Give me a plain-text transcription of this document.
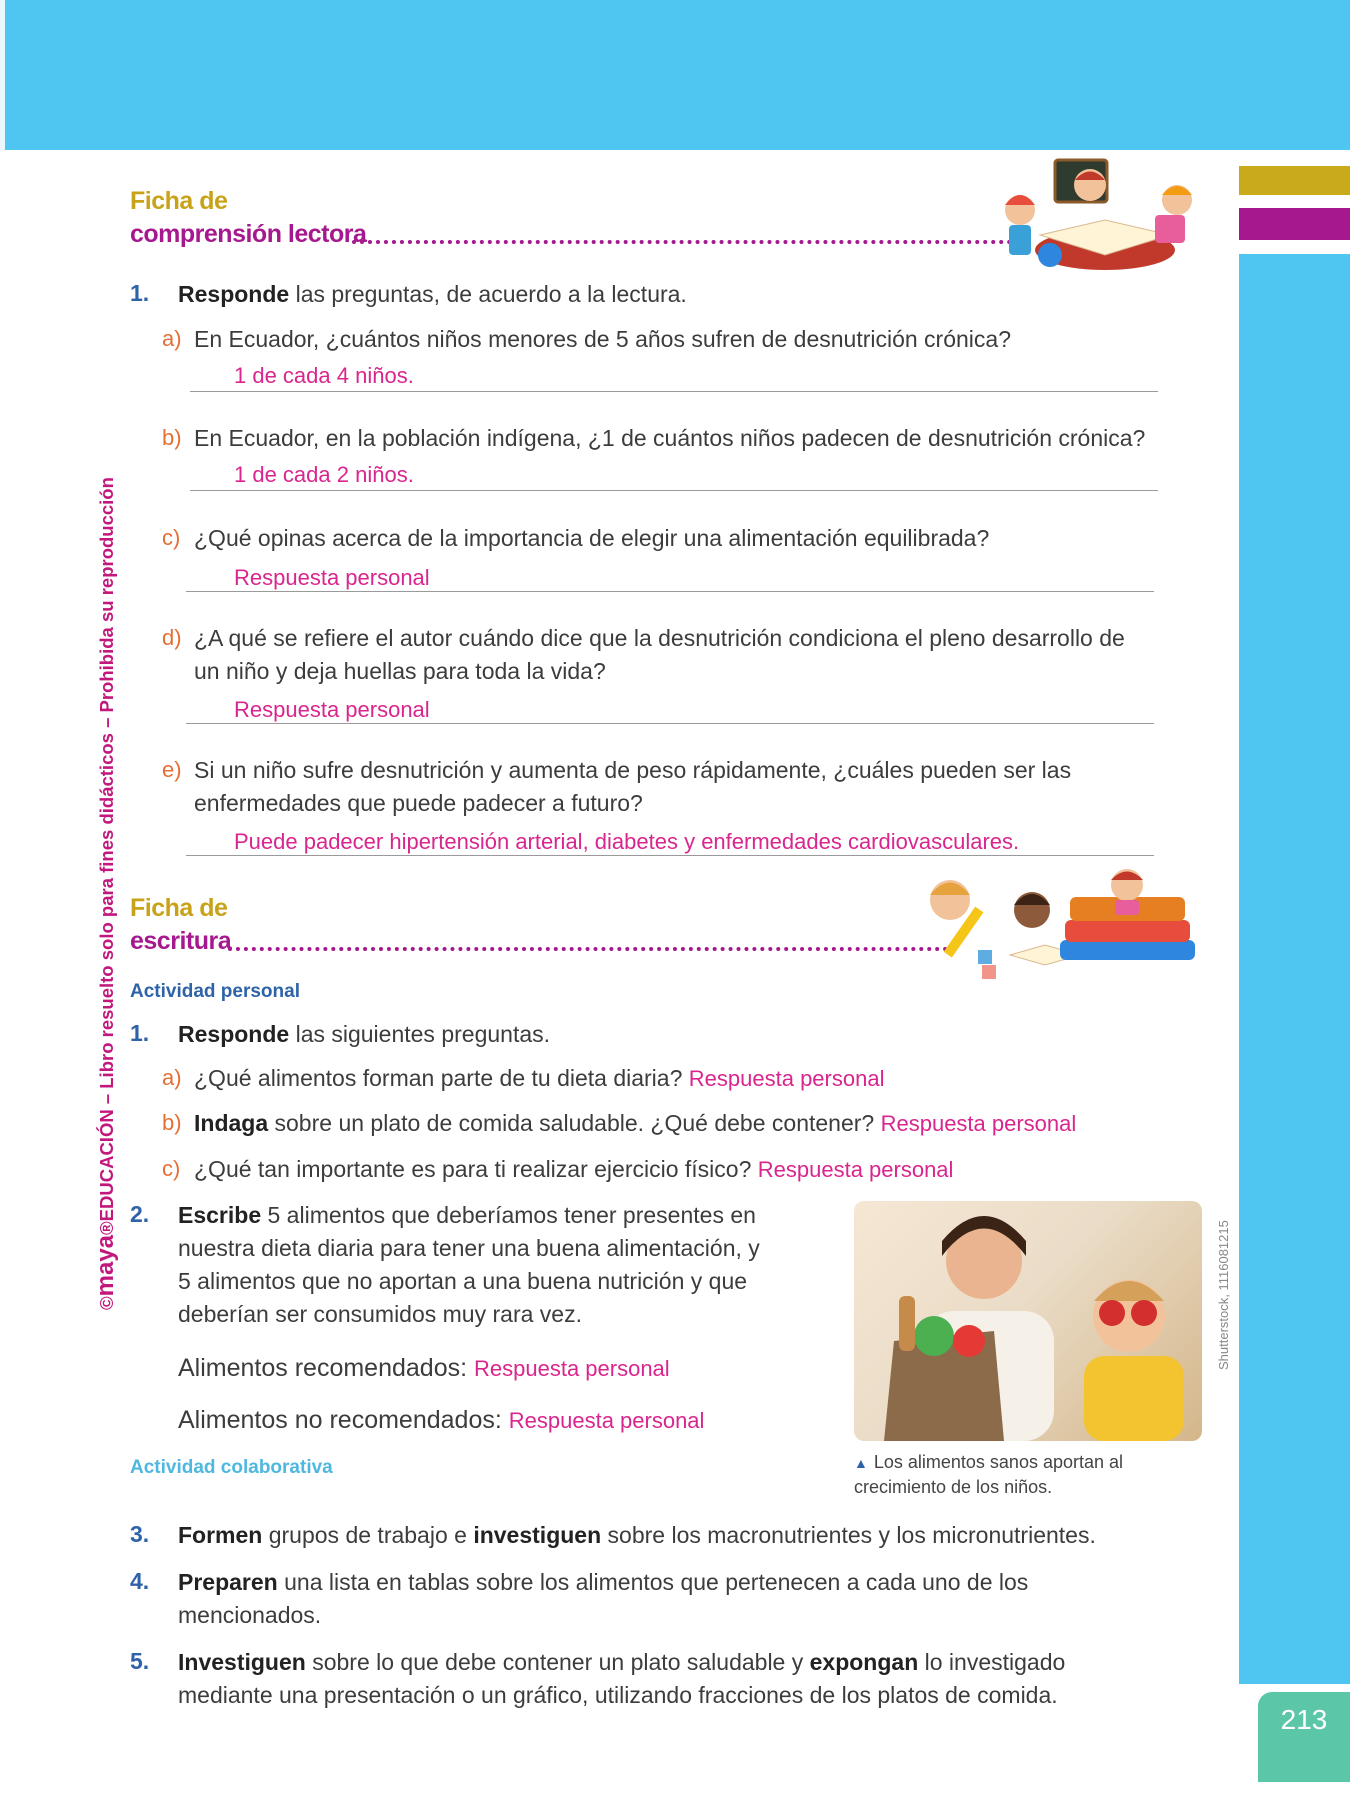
213
©maya®EDUCACIÓN – Libro resuelto solo para fines didácticos – Prohibida su reproducción
Ficha de
comprensión lectora
1. Responde las preguntas, de acuerdo a la lectura.
a) En Ecuador, ¿cuántos niños menores de 5 años sufren de desnutrición crónica?
1 de cada 4 niños.
b) En Ecuador, en la población indígena, ¿1 de cuántos niños padecen de desnutrición crónica?
1 de cada 2 niños.
c) ¿Qué opinas acerca de la importancia de elegir una alimentación equilibrada?
Respuesta personal
d) ¿A qué se refiere el autor cuándo dice que la desnutrición condiciona el pleno desarrollo de
un niño y deja huellas para toda la vida?
Respuesta personal
e) Si un niño sufre desnutrición y aumenta de peso rápidamente, ¿cuáles pueden ser las
enfermedades que puede padecer a futuro?
Puede padecer hipertensión arterial, diabetes y enfermedades cardiovasculares.
Ficha de
escritura
Actividad personal
1. Responde las siguientes preguntas.
a) ¿Qué alimentos forman parte de tu dieta diaria? Respuesta personal
b) Indaga sobre un plato de comida saludable. ¿Qué debe contener? Respuesta personal
c) ¿Qué tan importante es para ti realizar ejercicio físico? Respuesta personal
2. Escribe 5 alimentos que deberíamos tener presentes en
nuestra dieta diaria para tener una buena alimentación, y
5 alimentos que no aportan a una buena nutrición y que
deberían ser consumidos muy rara vez.
Alimentos recomendados: Respuesta personal
Alimentos no recomendados: Respuesta personal
Actividad colaborativa
Shutterstock, 1116081215
▲ Los alimentos sanos aportan al crecimiento de los niños.
3. Formen grupos de trabajo e investiguen sobre los macronutrientes y los micronutrientes.
4. Preparen una lista en tablas sobre los alimentos que pertenecen a cada uno de los
mencionados.
5. Investiguen sobre lo que debe contener un plato saludable y expongan lo investigado
mediante una presentación o un gráfico, utilizando fracciones de los platos de comida.
